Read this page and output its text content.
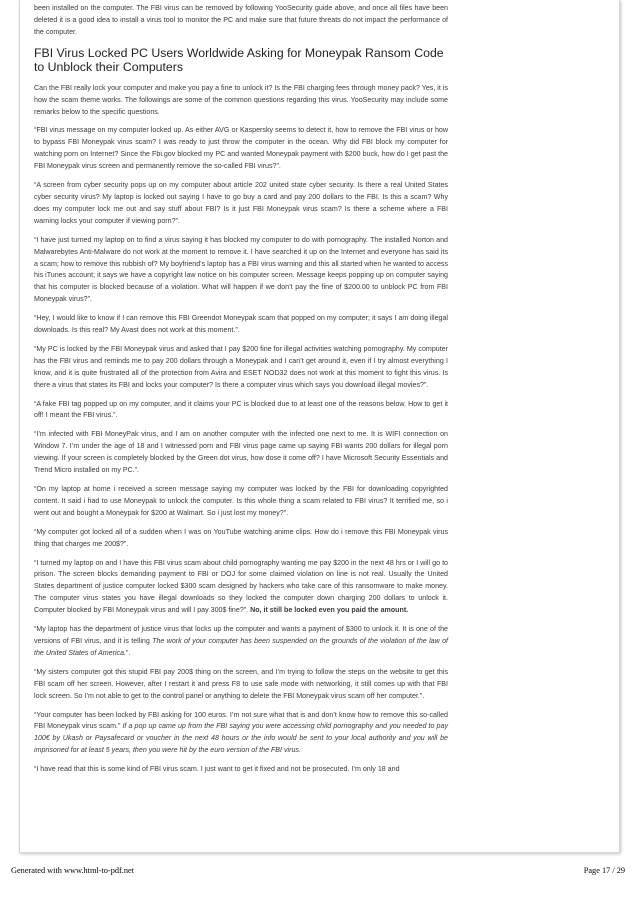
been installed on the computer. The FBI virus can be removed by following YooSecurity guide above, and once all files have been deleted it is a good idea to install a virus tool to monitor the PC and make sure that future threats do not impact the performance of the computer.

FBI Virus Locked PC Users Worldwide Asking for Moneypak Ransom Code to Unblock their Computers

Can the FBI really lock your computer and make you pay a fine to unlock it? Is the FBI charging fees through money pack? Yes, it is how the scam theme works. The followings are some of the common questions regarding this virus. YooSecurity may include some remarks below to the specific questions.

“FBI virus message on my computer locked up. As either AVG or Kaspersky seems to detect it, how to remove the FBI virus or how to bypass FBI Moneypak virus scam? I was ready to just throw the computer in the ocean. Why did FBI block my computer for watching porn on Internet? Since the Fbi.gov blocked my PC and wanted Moneypak payment with $200 buck, how do I get past the FBI Moneypak virus screen and permanently remove the so-called FBI virus?”.

“A screen from cyber security pops up on my computer about article 202 united state cyber security. Is there a real United States cyber security virus? My laptop is locked out saying I have to go buy a card and pay 200 dollars to the FBI. Is this a scam? Why does my computer lock me out and say stuff about FBI? Is it just FBI Moneypak virus scam? Is there a scheme where a FBI warning locks your computer if viewing porn?”.

“I have just turned my laptop on to find a virus saying it has blocked my computer to do with pornography. The installed Norton and Malwarebytes Anti-Malware do not work at the moment to remove it. I have searched it up on the Internet and everyone has said its a scam; how to remove this rubbish of? My boyfriend’s laptop has a FBI virus warning and this all started when he wanted to access his iTunes account; it says we have a copyright law notice on his computer screen. Message keeps popping up on computer saying that his computer is blocked because of a violation. What will happen if we don’t pay the fine of $200.00 to unblock PC from FBI Moneypak virus?”.

“Hey, I would like to know if I can remove this FBI Greendot Moneypak scam that popped on my computer; it says I am doing illegal downloads. Is this real? My Avast does not work at this moment.”.

“My PC is locked by the FBI Moneypak virus and asked that I pay $200 fine for illegal activities watching pornography. My computer has the FBI virus and reminds me to pay 200 dollars through a Moneypak and I can’t get around it, even if I try almost everything I know, and it is quite frustrated all of the protection from Avira and ESET NOD32 does not work at this moment to fight this virus. Is there a virus that states its FBI and locks your computer? Is there a computer virus which says you download illegal movies?”.

“A fake FBI tag popped up on my computer, and it claims your PC is blocked due to at least one of the reasons below. How to get it off! I meant the FBI virus.”.

“I’m infected with FBI MoneyPak virus, and I am on another computer with the infected one next to me. It is WIFI connection on Window 7. I’m under the age of 18 and I witnessed porn and FBI virus page came up saying FBI wants 200 dollars for illegal porn viewing. If your screen is completely blocked by the Green dot virus, how dose it come off? I have Microsoft Security Essentials and Trend Micro installed on my PC.”.

“On my laptop at home i received a screen message saying my computer was locked by the FBI for downloading copyrighted content. It said i had to use Moneypak to unlock the computer. Is this whole thing a scam related to FBI virus? It terrified me, so i went out and bought a Moneypak for $200 at Walmart. So i just lost my money?”.

“My computer got locked all of a sudden when I was on YouTube watching anime clips. How do i remove this FBI Moneypak virus thing that charges me 200$?”.

“I turned my laptop on and I have this FBI virus scam about child pornography wanting me pay $200 in the next 48 hrs or I will go to prison. The screen blocks demanding payment to FBI or DOJ for some claimed violation on line is not real. Usually the United States department of justice computer locked $300 scam designed by hackers who take care of this ransomware to make money. The computer virus states you have illegal downloads so they locked the computer down charging 200 dollars to unlock it. Computer blocked by FBI Moneypak virus and will I pay 300$ fine?”. No, it still be locked even you paid the amount.

“My laptop has the department of justice virus that locks up the computer and wants a payment of $300 to unlock it. It is one of the versions of FBI virus, and it is telling The work of your computer has been suspended on the grounds of the violation of the law of the United States of America.”.

“My sisters computer got this stupid FBI pay 200$ thing on the screen, and I’m trying to follow the steps on the website to get this FBI scam off her screen. However, after I restart it and press F8 to use safe mode with networking, it still comes up with that FBI lock screen. So I’m not able to get to the control panel or anything to delete the FBI Moneypak virus scam off her computer.”.

“Your computer has been locked by FBI asking for 100 euros. I’m not sure what that is and don’t know how to remove this so-called FBI Moneypak virus scam.” If a pop up came up from the FBI saying you were accessing child pornography and you needed to pay 100€ by Ukash or Paysafecard or voucher in the next 48 hours or the info would be sent to your local authority and you will be imprisoned for at least 5 years, then you were hit by the euro version of the FBI virus.

“I have read that this is some kind of FBI virus scam. I just want to get it fixed and not be prosecuted. I’m only 18 and

Generated with www.html-to-pdf.net	Page 17 / 29
